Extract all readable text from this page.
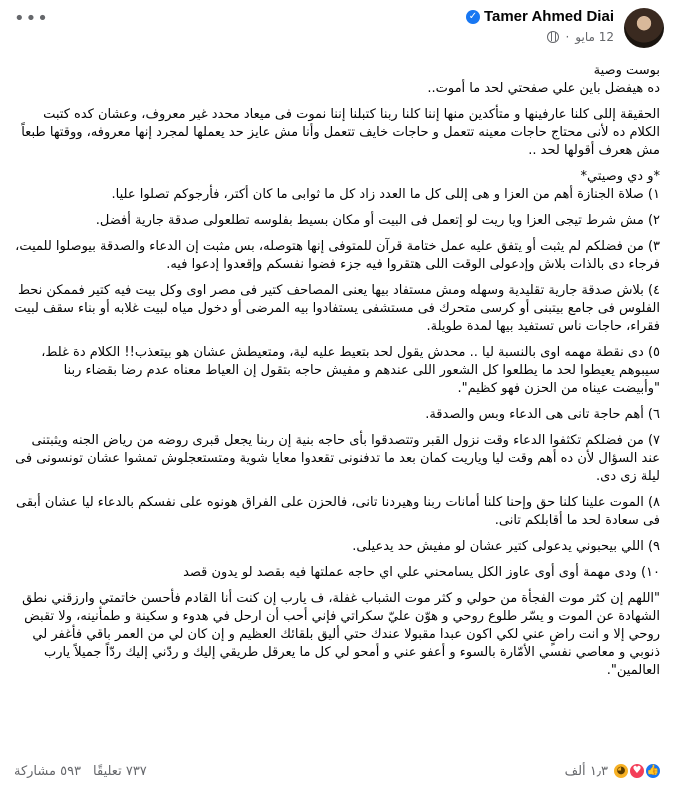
✓ Tamer Ahmed Diai
12 مايو
·
•••

بوست وصية
ده هيفضل باين علي صفحتي لحد ما أموت..

الحقيقة إللى كلنا عارفينها و متأكدين منها إننا كلنا ربنا كتبلنا إننا نموت فى ميعاد محدد غير معروف، وعشان كده كتبت الكلام ده لأنى محتاج حاجات معينه تتعمل و حاجات خايف تتعمل وأنا مش عايز حد يعملها لمجرد إنها معروفه، ووقتها طبعاً مش هعرف أقولها لحد ..

*و دي وصيتي*

١) صلاة الجنازة أهم من العزا و هى إللى كل ما العدد زاد كل ما ثوابى ما كان أكتر، فأرجوكم تصلوا عليا.

٢) مش شرط تيجى العزا ويا ريت لو إتعمل فى البيت أو مكان بسيط بفلوسه تطلعولى صدقة جارية أفضل.

٣) من فضلكم لم يثبت أو يتفق عليه عمل ختامة قرآن للمتوفى إنها هتوصله، بس مثبت إن الدعاء والصدقة بيوصلوا للميت، فرجاء دى بالذات بلاش وإدعولى الوقت اللى هتقروا فيه جزء فضوا نفسكم وإقعدوا إدعوا فيه.

٤) بلاش صدقة جارية تقليدية وسهله ومش مستفاد بيها يعنى المصاحف كتير فى مصر اوى وكل بيت فيه كتير فممكن نحط الفلوس فى جامع بيتبنى أو كرسى متحرك فى مستشفى يستفادوا بيه المرضى أو دخول مياه لبيت غلابه أو بناء سقف لبيت فقراء، حاجات ناس تستفيد بيها لمدة طويلة.

٥) دى نقطة مهمه اوى بالنسبة ليا .. محدش يقول لحد بتعيط عليه لية، ومتعيطش عشان هو بيتعذب!! الكلام دة غلط، سيبوهم يعيطوا لحد ما يطلعوا كل الشعور اللى عندهم و مفيش حاجه بتقول إن العياط معناه عدم رضا بقضاء ربنا "وأبيضت عيناه من الحزن فهو كظيم".

٦) أهم حاجة تانى هى الدعاء وبس والصدقة.

٧) من فضلكم تكثفوا الدعاء وقت نزول القبر وتتصدقوا بأى حاجه بنية إن ربنا يجعل قبرى روضه من رياض الجنه ويثبتنى عند السؤال لأن ده أهم وقت ليا وياريت كمان بعد ما تدفنونى تقعدوا معايا شوية ومتستعجلوش تمشوا عشان تونسونى فى ليلة زى دى.

٨) الموت علينا كلنا حق وإحنا كلنا أمانات ربنا وهيردنا تانى، فالحزن على الفراق هونوه على نفسكم بالدعاء ليا عشان أبقى فى سعادة لحد ما أقابلكم تانى.

٩) اللي بيحبوني يدعولى كتير عشان لو مفيش حد يدعيلى.

١٠) ودى مهمة أوى أوى عاوز الكل يسامحني علي اي حاجه عملتها فيه بقصد لو يدون قصد

"اللهم إن كثر موت الفجأة من حولي و كثر موت الشباب غفلة، ف يارب إن كنت أنا القادم فأحسن خاتمتي وارزقني نطق الشهادة عن الموت و يسّر طلوع روحي و هوّن عليّ سكراتي فإني أحب أن ارحل في هدوء و سكينة و طمأنينه، ولا تقبض روحي إلا و انت راضٍ عني لكي اكون عبدا مقبولا عندك حتي أليق بلقائك العظيم و إن كان لي من العمر باقي فأغفر لي ذنوبي و معاصي نفسي الأمّارة بالسوء و أعفو عني و أمحو لي كل ما يعرقل طريقي إليك و ردّني إليك ردّاً جميلاً يارب العالمين".

👍
♥
◕
١٫٣ ألف
٧٣٧ تعليقًا
٥٩٣ مشاركة
